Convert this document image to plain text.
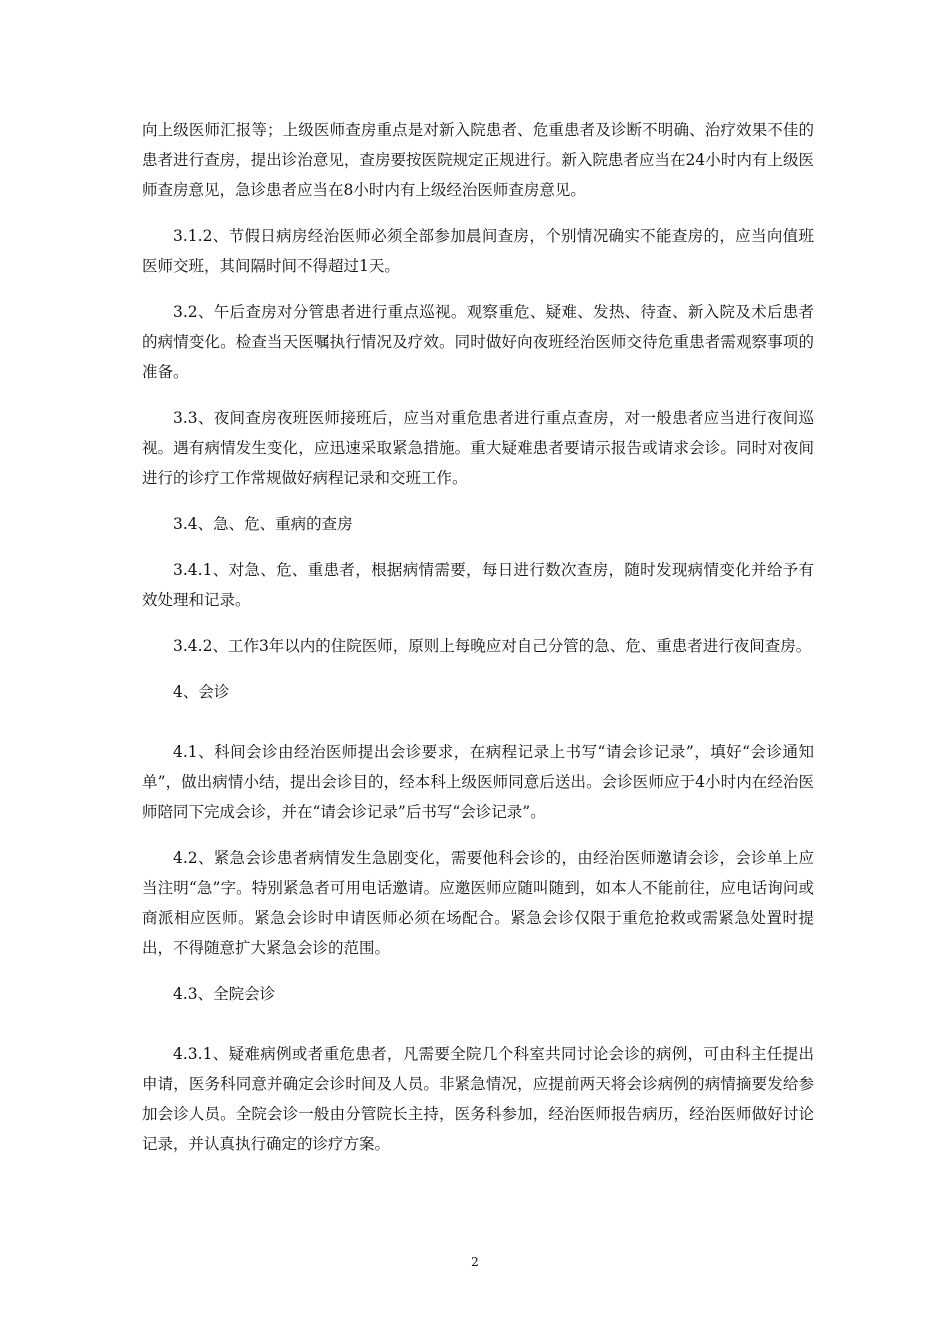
向上级医师汇报等；上级医师查房重点是对新入院患者、危重患者及诊断不明确、治疗效果不佳的患者进行查房，提出诊治意见，查房要按医院规定正规进行。新入院患者应当在24小时内有上级医师查房意见，急诊患者应当在8小时内有上级经治医师查房意见。

3.1.2、节假日病房经治医师必须全部参加晨间查房，个别情况确实不能查房的，应当向值班医师交班，其间隔时间不得超过1天。

3.2、午后查房对分管患者进行重点巡视。观察重危、疑难、发热、待查、新入院及术后患者的病情变化。检查当天医嘱执行情况及疗效。同时做好向夜班经治医师交待危重患者需观察事项的准备。

3.3、夜间查房夜班医师接班后，应当对重危患者进行重点查房，对一般患者应当进行夜间巡视。遇有病情发生变化，应迅速采取紧急措施。重大疑难患者要请示报告或请求会诊。同时对夜间进行的诊疗工作常规做好病程记录和交班工作。

3.4、急、危、重病的查房

3.4.1、对急、危、重患者，根据病情需要，每日进行数次查房，随时发现病情变化并给予有效处理和记录。

3.4.2、工作3年以内的住院医师，原则上每晚应对自己分管的急、危、重患者进行夜间查房。

4、会诊

4.1、科间会诊由经治医师提出会诊要求，在病程记录上书写“请会诊记录”，填好“会诊通知单”，做出病情小结，提出会诊目的，经本科上级医师同意后送出。会诊医师应于4小时内在经治医师陪同下完成会诊，并在“请会诊记录”后书写“会诊记录”。

4.2、紧急会诊患者病情发生急剧变化，需要他科会诊的，由经治医师邀请会诊，会诊单上应当注明“急”字。特别紧急者可用电话邀请。应邀医师应随叫随到，如本人不能前往，应电话询问或商派相应医师。紧急会诊时申请医师必须在场配合。紧急会诊仅限于重危抢救或需紧急处置时提出，不得随意扩大紧急会诊的范围。

4.3、全院会诊

4.3.1、疑难病例或者重危患者，凡需要全院几个科室共同讨论会诊的病例，可由科主任提出申请，医务科同意并确定会诊时间及人员。非紧急情况，应提前两天将会诊病例的病情摘要发给参加会诊人员。全院会诊一般由分管院长主持，医务科参加，经治医师报告病历，经治医师做好讨论记录，并认真执行确定的诊疗方案。

2
